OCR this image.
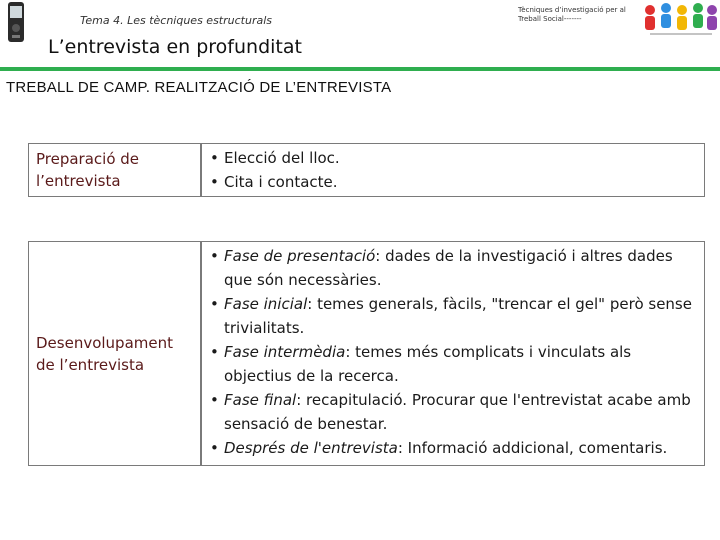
Tema 4. Les tècniques estructurals
Tècniques d’investigació per al Treball Social-------
L’entrevista en profunditat
TREBALL DE CAMP. REALITZACIÓ DE L’ENTREVISTA
Preparació de l’entrevista
• Elecció del lloc.
• Cita i contacte.
Desenvolupament de l’entrevista
• Fase de presentació: dades de la investigació i altres dades que són necessàries.
• Fase inicial: temes generals, fàcils, "trencar el gel" però sense trivialitats.
• Fase intermèdia: temes més complicats i vinculats als objectius de la recerca.
• Fase final: recapitulació. Procurar que l'entrevistat acabe amb sensació de benestar.
• Després de l'entrevista: Informació addicional, comentaris.
